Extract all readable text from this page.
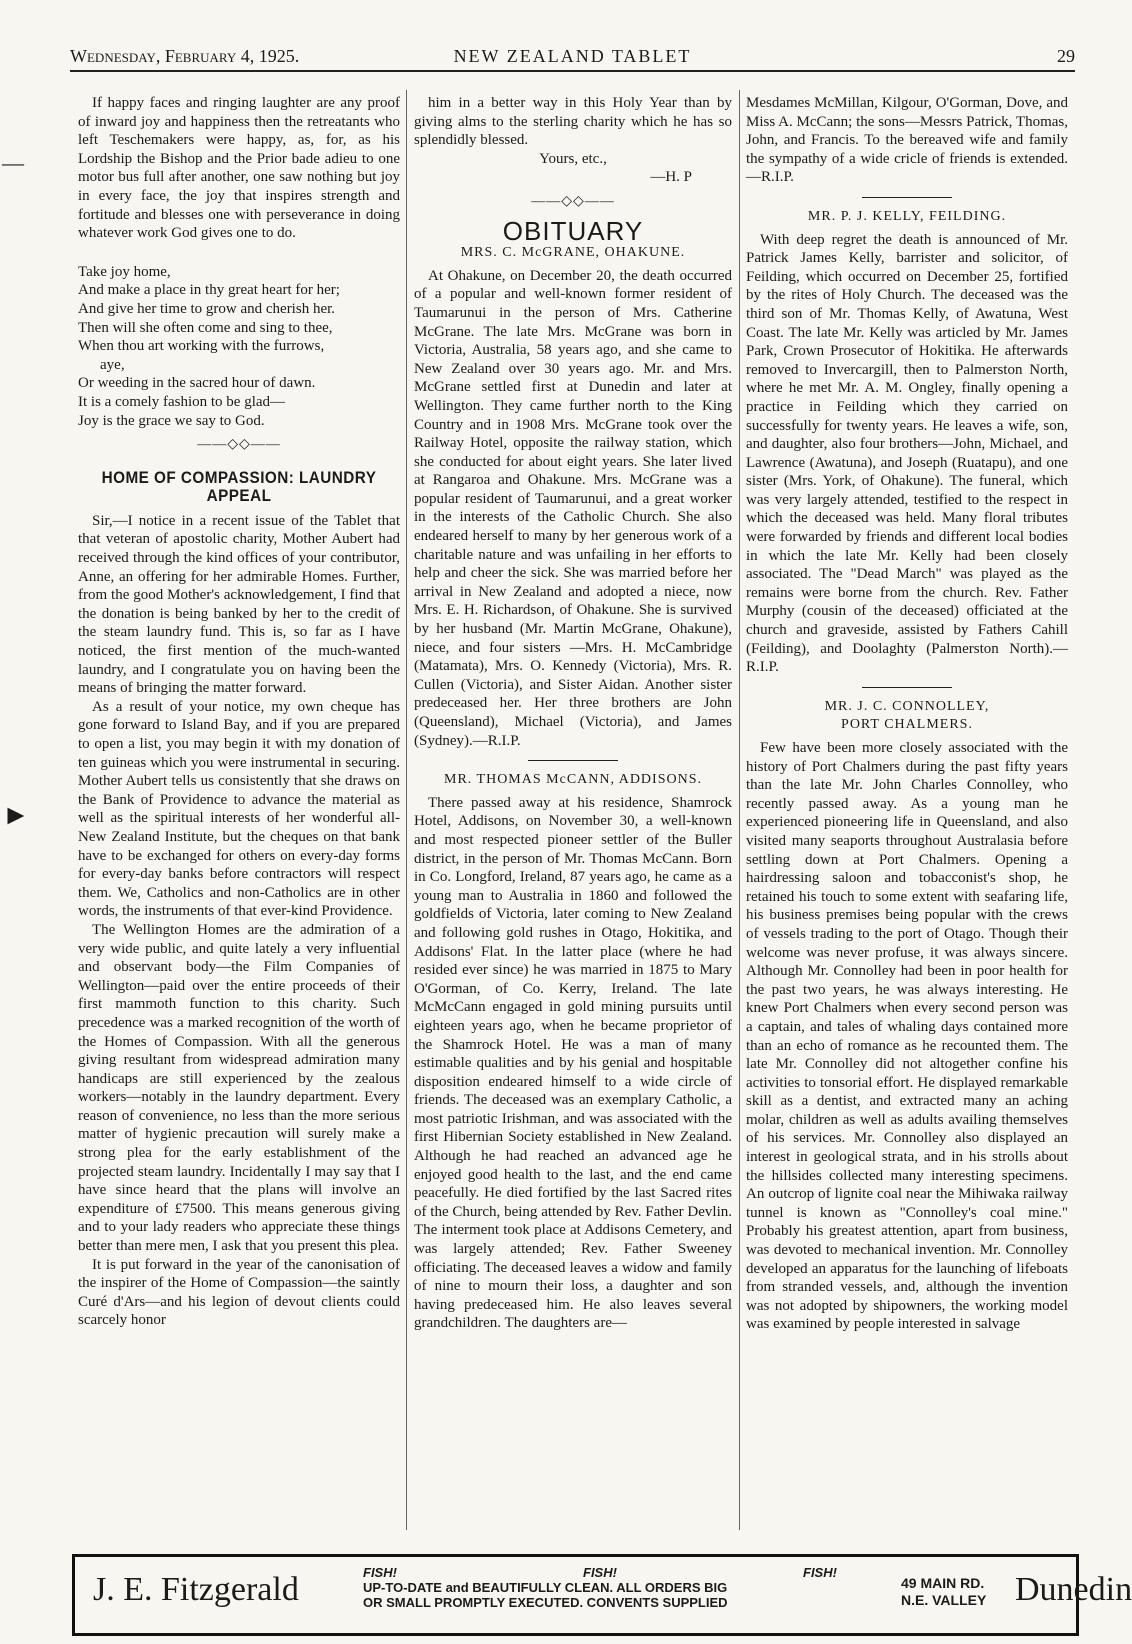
Wednesday, February 4, 1925.	NEW ZEALAND TABLET	29
—
►

If happy faces and ringing laughter are any proof of inward joy and happiness then the retreatants who left Teschemakers were happy, as, for, as his Lordship the Bishop and the Prior bade adieu to one motor bus full after another, one saw nothing but joy in every face, the joy that inspires strength and fortitude and blesses one with perseverance in doing whatever work God gives one to do.

Take joy home,
And make a place in thy great heart for her;
And give her time to grow and cherish her.
Then will she often come and sing to thee,
When thou art working with the furrows,
aye,
Or weeding in the sacred hour of dawn.
It is a comely fashion to be glad—
Joy is the grace we say to God.
——◇◇——
HOME OF COMPASSION: LAUNDRY APPEAL

Sir,—I notice in a recent issue of the Tablet that that veteran of apostolic charity, Mother Aubert had received through the kind offices of your contributor, Anne, an offering for her admirable Homes. Further, from the good Mother's acknowledgement, I find that the donation is being banked by her to the credit of the steam laundry fund. This is, so far as I have noticed, the first mention of the much-wanted laundry, and I congratulate you on having been the means of bringing the matter forward.

As a result of your notice, my own cheque has gone forward to Island Bay, and if you are prepared to open a list, you may begin it with my donation of ten guineas which you were instrumental in securing. Mother Aubert tells us consistently that she draws on the Bank of Providence to advance the material as well as the spiritual interests of her wonderful all-New Zealand Institute, but the cheques on that bank have to be exchanged for others on every-day forms for every-day banks before contractors will respect them. We, Catholics and non-Catholics are in other words, the instruments of that ever-kind Providence.

The Wellington Homes are the admiration of a very wide public, and quite lately a very influential and observant body—the Film Companies of Wellington—paid over the entire proceeds of their first mammoth function to this charity. Such precedence was a marked recognition of the worth of the Homes of Compassion. With all the generous giving resultant from widespread admiration many handicaps are still experienced by the zealous workers—notably in the laundry department. Every reason of convenience, no less than the more serious matter of hygienic precaution will surely make a strong plea for the early establishment of the projected steam laundry. Incidentally I may say that I have since heard that the plans will involve an expenditure of £7500. This means generous giving and to your lady readers who appreciate these things better than mere men, I ask that you present this plea.

It is put forward in the year of the canonisation of the inspirer of the Home of Compassion—the saintly Curé d'Ars—and his legion of devout clients could scarcely honor

him in a better way in this Holy Year than by giving alms to the sterling charity which he has so splendidly blessed.

Yours, etc.,
—H. P
——◇◇——
OBITUARY
MRS. C. McGRANE, OHAKUNE.

At Ohakune, on December 20, the death occurred of a popular and well-known former resident of Taumarunui in the person of Mrs. Catherine McGrane. The late Mrs. McGrane was born in Victoria, Australia, 58 years ago, and she came to New Zealand over 30 years ago. Mr. and Mrs. McGrane settled first at Dunedin and later at Wellington. They came further north to the King Country and in 1908 Mrs. McGrane took over the Railway Hotel, opposite the railway station, which she conducted for about eight years. She later lived at Rangaroa and Ohakune. Mrs. McGrane was a popular resident of Taumarunui, and a great worker in the interests of the Catholic Church. She also endeared herself to many by her generous work of a charitable nature and was unfailing in her efforts to help and cheer the sick. She was married before her arrival in New Zealand and adopted a niece, now Mrs. E. H. Richardson, of Ohakune. She is survived by her husband (Mr. Martin McGrane, Ohakune), niece, and four sisters —Mrs. H. McCambridge (Matamata), Mrs. O. Kennedy (Victoria), Mrs. R. Cullen (Victoria), and Sister Aidan. Another sister predeceased her. Her three brothers are John (Queensland), Michael (Victoria), and James (Sydney).—R.I.P.

MR. THOMAS McCANN, ADDISONS.

There passed away at his residence, Shamrock Hotel, Addisons, on November 30, a well-known and most respected pioneer settler of the Buller district, in the person of Mr. Thomas McCann. Born in Co. Longford, Ireland, 87 years ago, he came as a young man to Australia in 1860 and followed the goldfields of Victoria, later coming to New Zealand and following gold rushes in Otago, Hokitika, and Addisons' Flat. In the latter place (where he had resided ever since) he was married in 1875 to Mary O'Gorman, of Co. Kerry, Ireland. The late McMcCann engaged in gold mining pursuits until eighteen years ago, when he became proprietor of the Shamrock Hotel. He was a man of many estimable qualities and by his genial and hospitable disposition endeared himself to a wide circle of friends. The deceased was an exemplary Catholic, a most patriotic Irishman, and was associated with the first Hibernian Society established in New Zealand. Although he had reached an advanced age he enjoyed good health to the last, and the end came peacefully. He died fortified by the last Sacred rites of the Church, being attended by Rev. Father Devlin. The interment took place at Addisons Cemetery, and was largely attended; Rev. Father Sweeney officiating. The deceased leaves a widow and family of nine to mourn their loss, a daughter and son having predeceased him. He also leaves several grandchildren. The daughters are—

Mesdames McMillan, Kilgour, O'Gorman, Dove, and Miss A. McCann; the sons—Messrs Patrick, Thomas, John, and Francis. To the bereaved wife and family the sympathy of a wide cricle of friends is extended.—R.I.P.

MR. P. J. KELLY, FEILDING.

With deep regret the death is announced of Mr. Patrick James Kelly, barrister and solicitor, of Feilding, which occurred on December 25, fortified by the rites of Holy Church. The deceased was the third son of Mr. Thomas Kelly, of Awatuna, West Coast. The late Mr. Kelly was articled by Mr. James Park, Crown Prosecutor of Hokitika. He afterwards removed to Invercargill, then to Palmerston North, where he met Mr. A. M. Ongley, finally opening a practice in Feilding which they carried on successfully for twenty years. He leaves a wife, son, and daughter, also four brothers—John, Michael, and Lawrence (Awatuna), and Joseph (Ruatapu), and one sister (Mrs. York, of Ohakune). The funeral, which was very largely attended, testified to the respect in which the deceased was held. Many floral tributes were forwarded by friends and different local bodies in which the late Mr. Kelly had been closely associated. The "Dead March" was played as the remains were borne from the church. Rev. Father Murphy (cousin of the deceased) officiated at the church and graveside, assisted by Fathers Cahill (Feilding), and Doolaghty (Palmerston North).—R.I.P.

MR. J. C. CONNOLLEY,
PORT CHALMERS.

Few have been more closely associated with the history of Port Chalmers during the past fifty years than the late Mr. John Charles Connolley, who recently passed away. As a young man he experienced pioneering life in Queensland, and also visited many seaports throughout Australasia before settling down at Port Chalmers. Opening a hairdressing saloon and tobacconist's shop, he retained his touch to some extent with seafaring life, his business premises being popular with the crews of vessels trading to the port of Otago. Though their welcome was never profuse, it was always sincere. Although Mr. Connolley had been in poor health for the past two years, he was always interesting. He knew Port Chalmers when every second person was a captain, and tales of whaling days contained more than an echo of romance as he recounted them. The late Mr. Connolley did not altogether confine his activities to tonsorial effort. He displayed remarkable skill as a dentist, and extracted many an aching molar, children as well as adults availing themselves of his services. Mr. Connolley also displayed an interest in geological strata, and in his strolls about the hillsides collected many interesting specimens. An outcrop of lignite coal near the Mihiwaka railway tunnel is known as "Connolley's coal mine." Probably his greatest attention, apart from business, was devoted to mechanical invention. Mr. Connolley developed an apparatus for the launching of lifeboats from stranded vessels, and, although the invention was not adopted by shipowners, the working model was examined by people interested in salvage

J. E. Fitzgerald	FISH!	FISH!	FISH!
UP-TO-DATE and BEAUTIFULLY CLEAN. ALL ORDERS BIG
OR SMALL PROMPTLY EXECUTED. CONVENTS SUPPLIED
49 MAIN RD.
N.E. VALLEY Dunedin
